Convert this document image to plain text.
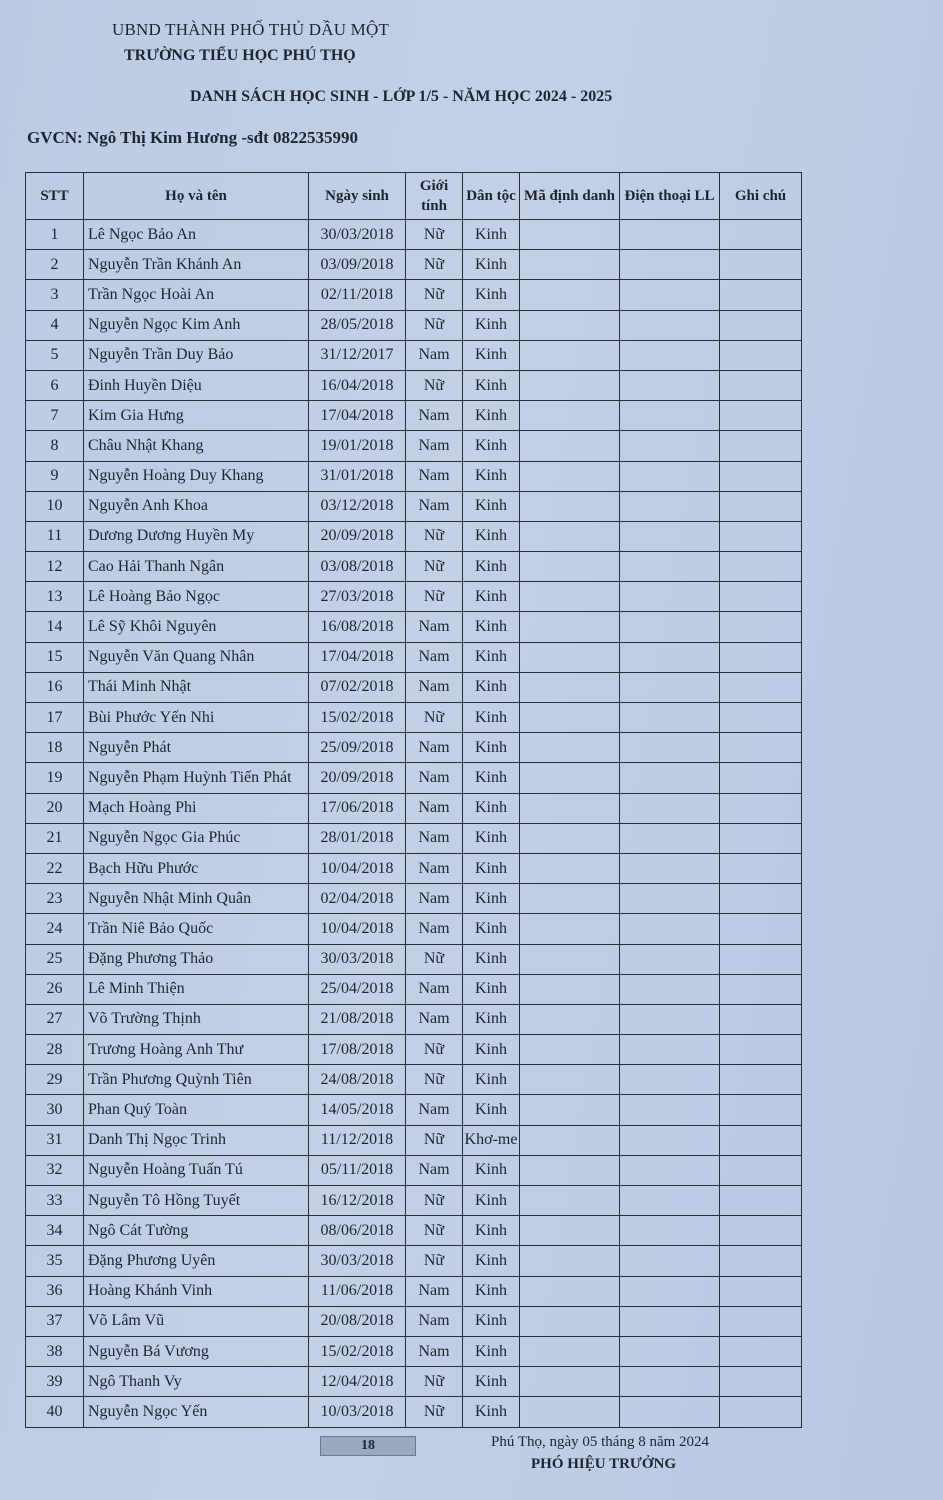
UBND THÀNH PHỐ THỦ DẦU MỘT
TRƯỜNG TIỂU HỌC PHÚ THỌ
DANH SÁCH HỌC SINH - LỚP 1/5 - NĂM HỌC 2024 - 2025
GVCN: Ngô Thị Kim Hương -sđt 0822535990
STT	Họ và tên	Ngày sinh	Giới tính	Dân tộc	Mã định danh	Điện thoại LL	Ghi chú
1	Lê Ngọc Bảo An	30/03/2018	Nữ	Kinh			
2	Nguyễn Trần Khánh An	03/09/2018	Nữ	Kinh			
3	Trần Ngọc Hoài An	02/11/2018	Nữ	Kinh			
4	Nguyễn Ngọc Kim Anh	28/05/2018	Nữ	Kinh			
5	Nguyễn Trần Duy Bảo	31/12/2017	Nam	Kinh			
6	Đinh Huyền Diệu	16/04/2018	Nữ	Kinh			
7	Kim Gia Hưng	17/04/2018	Nam	Kinh			
8	Châu Nhật Khang	19/01/2018	Nam	Kinh			
9	Nguyễn Hoàng Duy Khang	31/01/2018	Nam	Kinh			
10	Nguyễn Anh Khoa	03/12/2018	Nam	Kinh			
11	Dương Dương Huyền My	20/09/2018	Nữ	Kinh			
12	Cao Hải Thanh Ngân	03/08/2018	Nữ	Kinh			
13	Lê Hoàng Bảo Ngọc	27/03/2018	Nữ	Kinh			
14	Lê Sỹ Khôi Nguyên	16/08/2018	Nam	Kinh			
15	Nguyễn Văn Quang Nhân	17/04/2018	Nam	Kinh			
16	Thái Minh Nhật	07/02/2018	Nam	Kinh			
17	Bùi Phước Yến Nhi	15/02/2018	Nữ	Kinh			
18	Nguyễn Phát	25/09/2018	Nam	Kinh			
19	Nguyễn Phạm Huỳnh Tiến Phát	20/09/2018	Nam	Kinh			
20	Mạch Hoàng Phi	17/06/2018	Nam	Kinh			
21	Nguyễn Ngọc Gia Phúc	28/01/2018	Nam	Kinh			
22	Bạch Hữu Phước	10/04/2018	Nam	Kinh			
23	Nguyễn Nhật Minh Quân	02/04/2018	Nam	Kinh			
24	Trần Niê Bảo Quốc	10/04/2018	Nam	Kinh			
25	Đặng Phương Thảo	30/03/2018	Nữ	Kinh			
26	Lê Minh Thiện	25/04/2018	Nam	Kinh			
27	Võ Trường Thịnh	21/08/2018	Nam	Kinh			
28	Trương Hoàng Anh Thư	17/08/2018	Nữ	Kinh			
29	Trần Phương Quỳnh Tiên	24/08/2018	Nữ	Kinh			
30	Phan Quý Toàn	14/05/2018	Nam	Kinh			
31	Danh Thị Ngọc Trinh	11/12/2018	Nữ	Khơ-me			
32	Nguyễn Hoàng Tuấn Tú	05/11/2018	Nam	Kinh			
33	Nguyễn Tô Hồng Tuyết	16/12/2018	Nữ	Kinh			
34	Ngô Cát Tường	08/06/2018	Nữ	Kinh			
35	Đặng Phương Uyên	30/03/2018	Nữ	Kinh			
36	Hoàng Khánh Vinh	11/06/2018	Nam	Kinh			
37	Võ Lâm Vũ	20/08/2018	Nam	Kinh			
38	Nguyễn Bá Vương	15/02/2018	Nam	Kinh			
39	Ngô Thanh Vy	12/04/2018	Nữ	Kinh			
40	Nguyễn Ngọc Yến	10/03/2018	Nữ	Kinh			
18	Phú Thọ, ngày 05 tháng 8 năm 2024
PHÓ HIỆU TRƯỞNG
